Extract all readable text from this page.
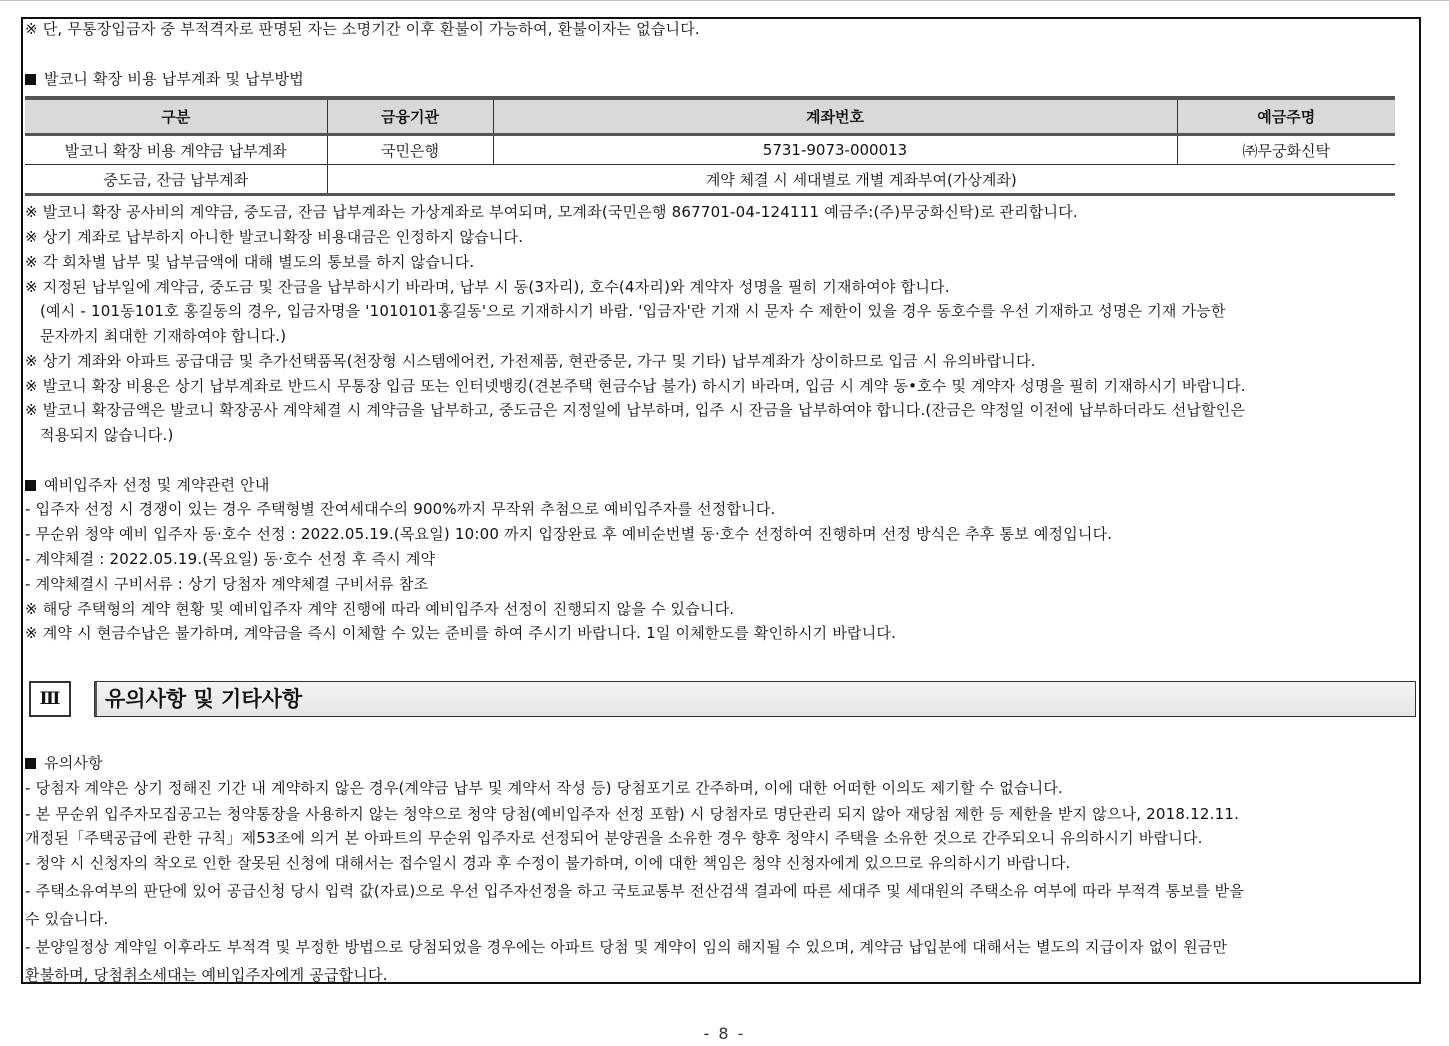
※ 단, 무통장입금자 중 부적격자로 판명된 자는 소명기간 이후 환불이 가능하여, 환불이자는 없습니다.
발코니 확장 비용 납부계좌 및 납부방법
구분	금융기관	계좌번호	예금주명
발코니 확장 비용 계약금 납부계좌	국민은행	5731-9073-000013	㈜무궁화신탁
중도금, 잔금 납부계좌	계약 체결 시 세대별로 개별 계좌부여(가상계좌)		
※ 발코니 확장 공사비의 계약금, 중도금, 잔금 납부계좌는 가상계좌로 부여되며, 모계좌(국민은행 867701-04-124111 예금주:(주)무궁화신탁)로 관리합니다.
※ 상기 계좌로 납부하지 아니한 발코니확장 비용대금은 인정하지 않습니다.
※ 각 회차별 납부 및 납부금액에 대해 별도의 통보를 하지 않습니다.
※ 지정된 납부일에 계약금, 중도금 및 잔금을 납부하시기 바라며, 납부 시 동(3자리), 호수(4자리)와 계약자 성명을 필히 기재하여야 합니다.
(예시 - 101동101호 홍길동의 경우, 입금자명을 '1010101홍길동'으로 기재하시기 바람. '입금자'란 기재 시 문자 수 제한이 있을 경우 동호수를 우선 기재하고 성명은 기재 가능한
문자까지 최대한 기재하여야 합니다.)
※ 상기 계좌와 아파트 공급대금 및 추가선택품목(천장형 시스템에어컨, 가전제품, 현관중문, 가구 및 기타) 납부계좌가 상이하므로 입금 시 유의바랍니다.
※ 발코니 확장 비용은 상기 납부계좌로 반드시 무통장 입금 또는 인터넷뱅킹(견본주택 현금수납 불가) 하시기 바라며, 입금 시 계약 동•호수 및 계약자 성명을 필히 기재하시기 바랍니다.
※ 발코니 확장금액은 발코니 확장공사 계약체결 시 계약금을 납부하고, 중도금은 지정일에 납부하며, 입주 시 잔금을 납부하여야 합니다.(잔금은 약정일 이전에 납부하더라도 선납할인은
적용되지 않습니다.)
예비입주자 선정 및 계약관련 안내
- 입주자 선정 시 경쟁이 있는 경우 주택형별 잔여세대수의 900%까지 무작위 추첨으로 예비입주자를 선정합니다.
- 무순위 청약 예비 입주자 동·호수 선정 : 2022.05.19.(목요일) 10:00 까지 입장완료 후 예비순번별 동·호수 선정하여 진행하며 선정 방식은 추후 통보 예정입니다.
- 계약체결 : 2022.05.19.(목요일) 동·호수 선정 후 즉시 계약
- 계약체결시 구비서류 : 상기 당첨자 계약체결 구비서류 참조
※ 해당 주택형의 계약 현황 및 예비입주자 계약 진행에 따라 예비입주자 선정이 진행되지 않을 수 있습니다.
※ 계약 시 현금수납은 불가하며, 계약금을 즉시 이체할 수 있는 준비를 하여 주시기 바랍니다. 1일 이체한도를 확인하시기 바랍니다.
Ⅲ	유의사항 및 기타사항
유의사항
- 당첨자 계약은 상기 정해진 기간 내 계약하지 않은 경우(계약금 납부 및 계약서 작성 등) 당첨포기로 간주하며, 이에 대한 어떠한 이의도 제기할 수 없습니다.
- 본 무순위 입주자모집공고는 청약통장을 사용하지 않는 청약으로 청약 당첨(예비입주자 선정 포함) 시 당첨자로 명단관리 되지 않아 재당첨 제한 등 제한을 받지 않으나, 2018.12.11.
개정된「주택공급에 관한 규칙」제53조에 의거 본 아파트의 무순위 입주자로 선정되어 분양권을 소유한 경우 향후 청약시 주택을 소유한 것으로 간주되오니 유의하시기 바랍니다.
- 청약 시 신청자의 착오로 인한 잘못된 신청에 대해서는 접수일시 경과 후 수정이 불가하며, 이에 대한 책임은 청약 신청자에게 있으므로 유의하시기 바랍니다.
- 주택소유여부의 판단에 있어 공급신청 당시 입력 값(자료)으로 우선 입주자선정을 하고 국토교통부 전산검색 결과에 따른 세대주 및 세대원의 주택소유 여부에 따라 부적격 통보를 받을
수 있습니다.
- 분양일정상 계약일 이후라도 부적격 및 부정한 방법으로 당첨되었을 경우에는 아파트 당첨 및 계약이 임의 해지될 수 있으며, 계약금 납입분에 대해서는 별도의 지급이자 없이 원금만
환불하며, 당첨취소세대는 예비입주자에게 공급합니다.
- 8 -
